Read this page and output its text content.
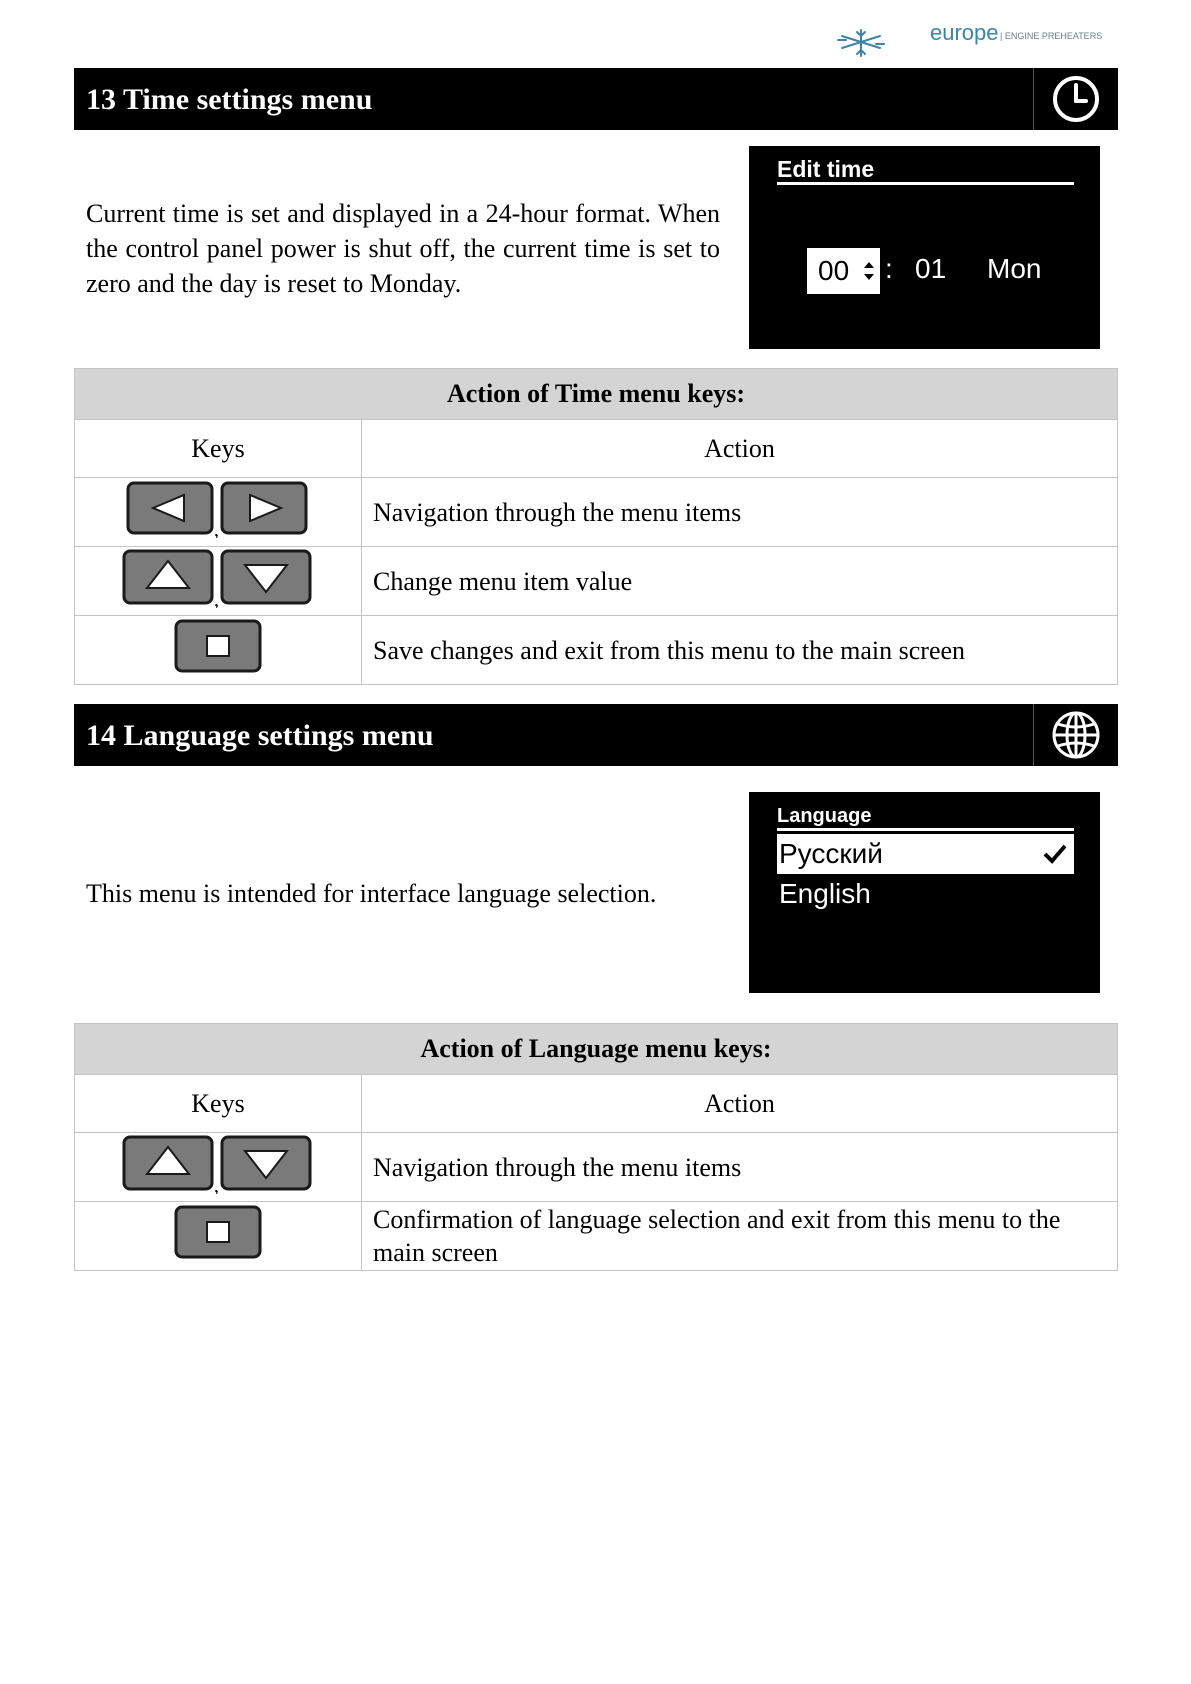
europe | ENGINE PREHEATERS
13 Time settings menu
Current time is set and displayed in a 24-hour format. When the control panel power is shut off, the current time is set to zero and the day is reset to Monday.
Edit time
00 : 01 Mon
Action of Time menu keys:	
Keys	Action

,	Navigation through the menu items

,	Change menu item value
	Save changes and exit from this menu to the main screen
14 Language settings menu
This menu is intended for interface language selection.
Language
Русский
English
Action of Language menu keys:	
Keys	Action

,	Navigation through the menu items
	Confirmation of language selection and exit from this menu to the main screen
